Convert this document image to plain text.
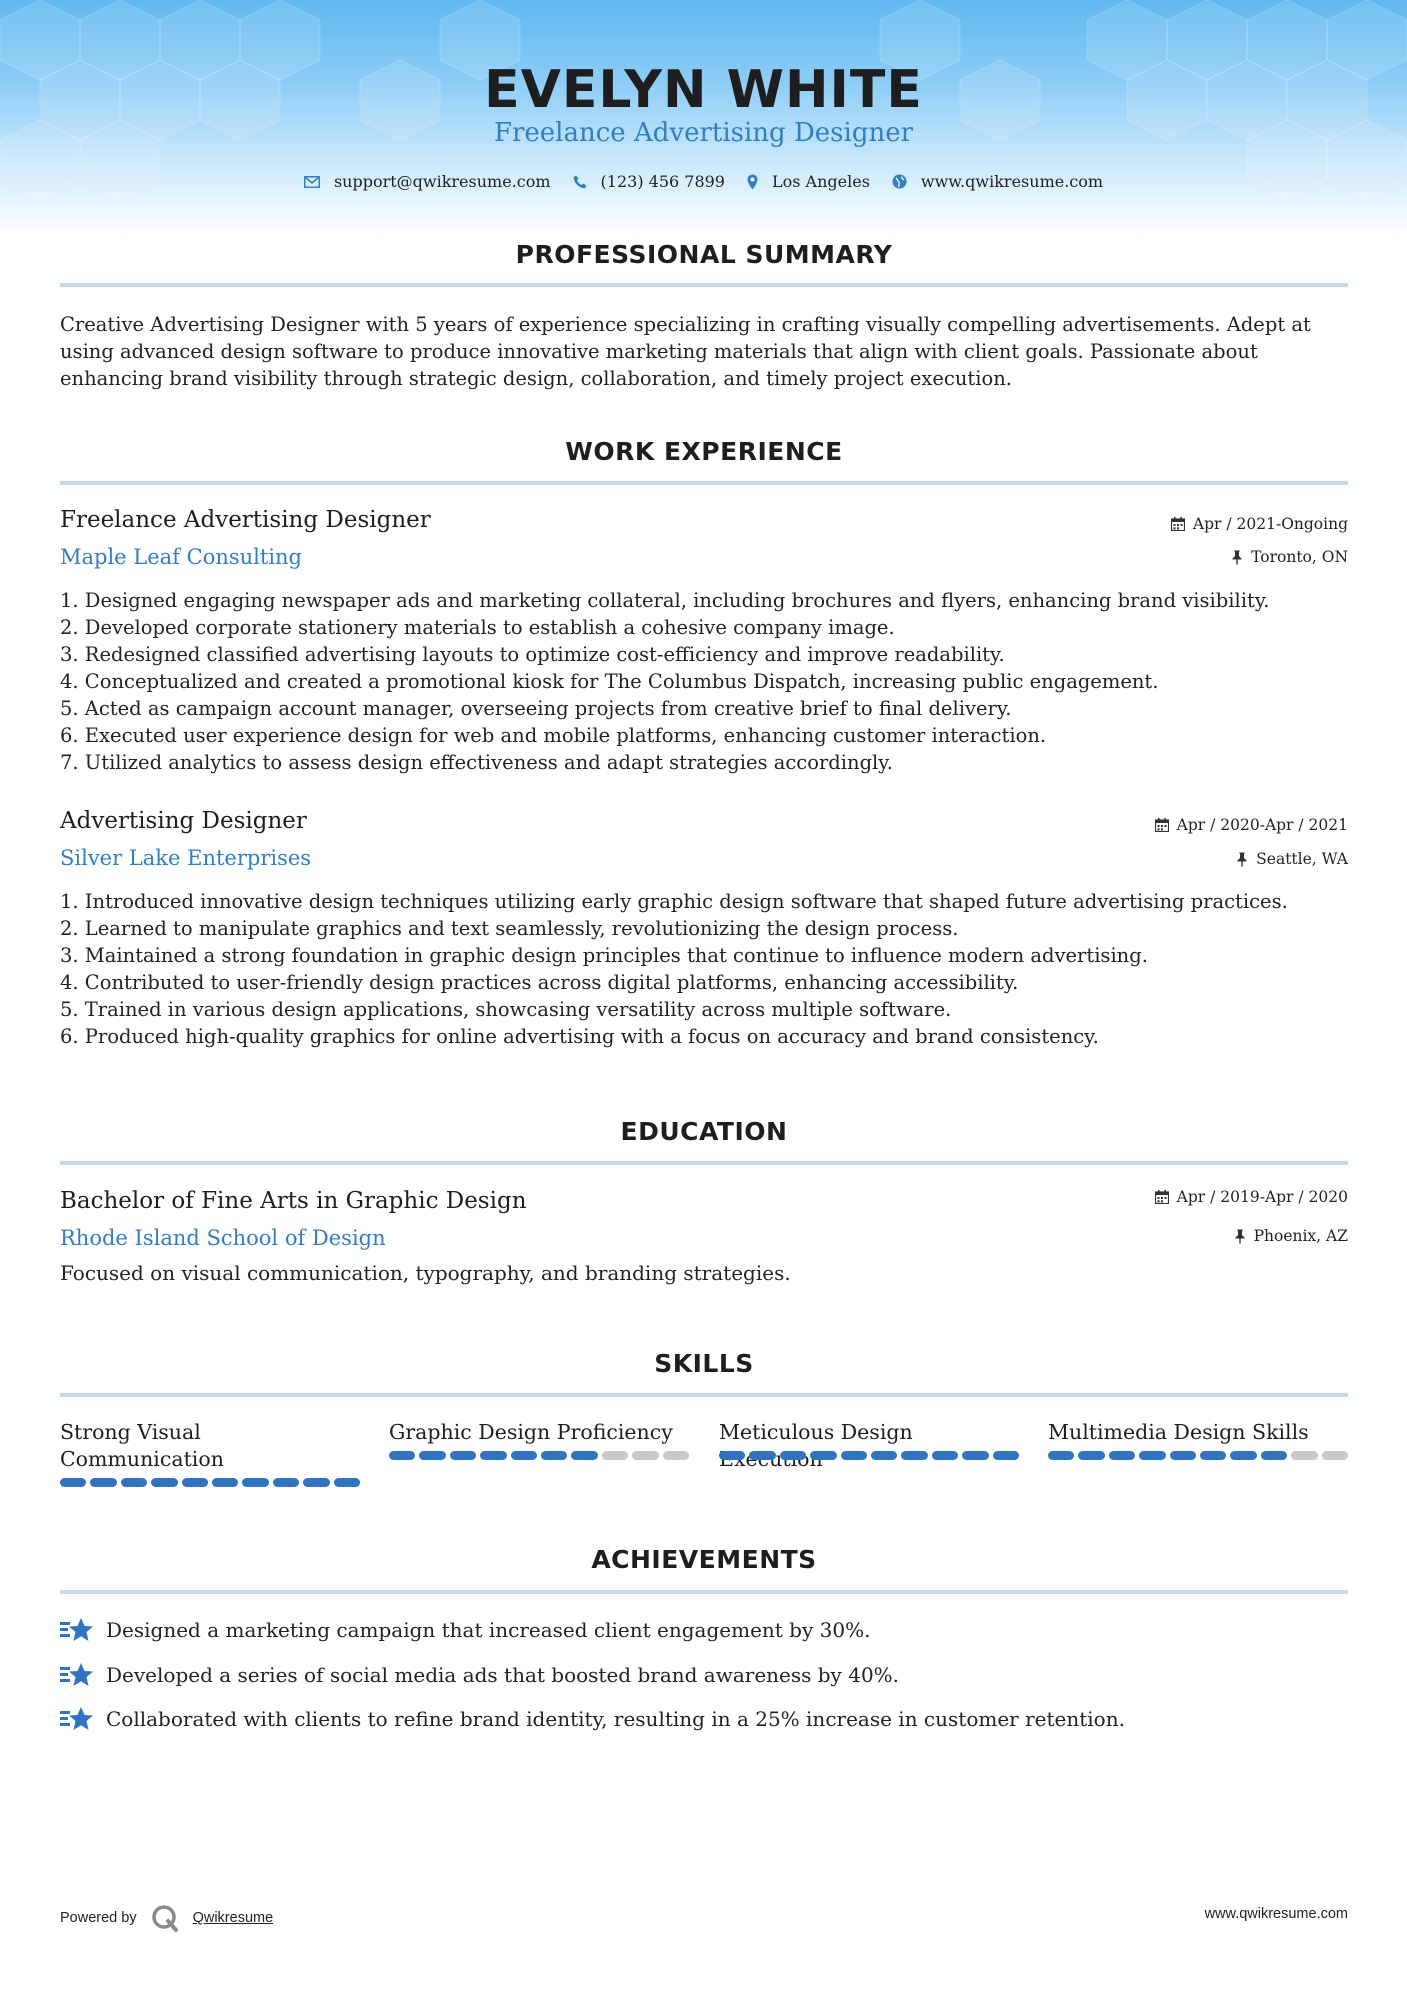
EVELYN WHITE
Freelance Advertising Designer
support@qwikresume.com	(123) 456 7899	Los Angeles	www.qwikresume.com
PROFESSIONAL SUMMARY
Creative Advertising Designer with 5 years of experience specializing in crafting visually compelling advertisements. Adept at using advanced design software to produce innovative marketing materials that align with client goals. Passionate about enhancing brand visibility through strategic design, collaboration, and timely project execution.
WORK EXPERIENCE
Freelance Advertising Designer
Maple Leaf Consulting
Apr / 2021-Ongoing
Toronto, ON
1. Designed engaging newspaper ads and marketing collateral, including brochures and flyers, enhancing brand visibility.
2. Developed corporate stationery materials to establish a cohesive company image.
3. Redesigned classified advertising layouts to optimize cost-efficiency and improve readability.
4. Conceptualized and created a promotional kiosk for The Columbus Dispatch, increasing public engagement.
5. Acted as campaign account manager, overseeing projects from creative brief to final delivery.
6. Executed user experience design for web and mobile platforms, enhancing customer interaction.
7. Utilized analytics to assess design effectiveness and adapt strategies accordingly.
Advertising Designer
Silver Lake Enterprises
Apr / 2020-Apr / 2021
Seattle, WA
1. Introduced innovative design techniques utilizing early graphic design software that shaped future advertising practices.
2. Learned to manipulate graphics and text seamlessly, revolutionizing the design process.
3. Maintained a strong foundation in graphic design principles that continue to influence modern advertising.
4. Contributed to user-friendly design practices across digital platforms, enhancing accessibility.
5. Trained in various design applications, showcasing versatility across multiple software.
6. Produced high-quality graphics for online advertising with a focus on accuracy and brand consistency.
EDUCATION
Bachelor of Fine Arts in Graphic Design
Rhode Island School of Design
Apr / 2019-Apr / 2020
Phoenix, AZ
Focused on visual communication, typography, and branding strategies.
SKILLS
Strong Visual
Communication
Graphic Design Proficiency	Meticulous Design	Multimedia Design Skills
ACHIEVEMENTS
Designed a marketing campaign that increased client engagement by 30%.
Developed a series of social media ads that boosted brand awareness by 40%.
Collaborated with clients to refine brand identity, resulting in a 25% increase in customer retention.
Powered by	Qwikresume	www.qwikresume.com
